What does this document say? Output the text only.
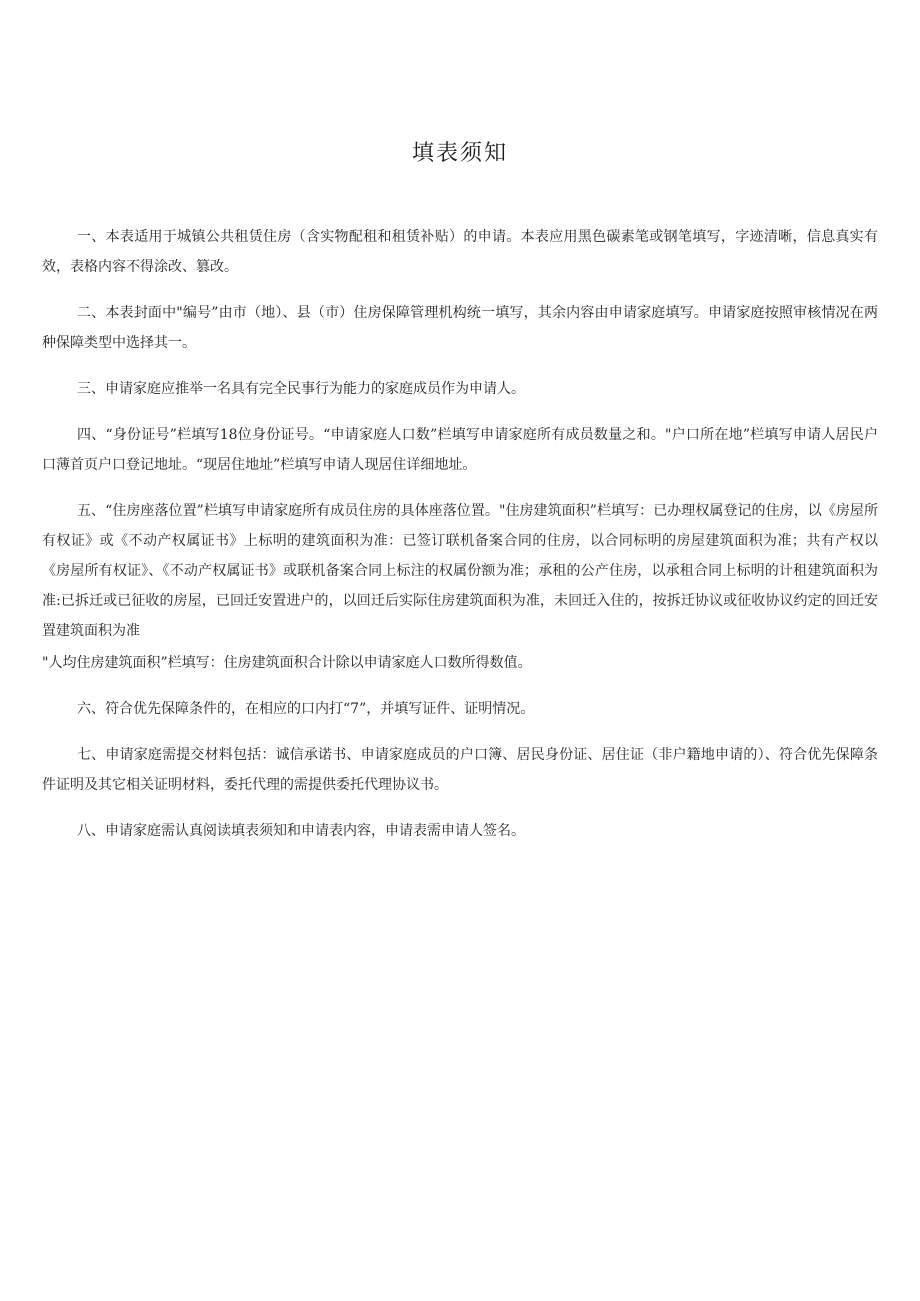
填表须知

一、本表适用于城镇公共租赁住房（含实物配租和租赁补贴）的申请。本表应用黑色碳素笔或钢笔填写，字迹清晰，信息真实有效，表格内容不得涂改、篡改。

二、本表封面中"编号”由市（地）、县（市）住房保障管理机构统一填写，其余内容由申请家庭填写。申请家庭按照审核情况在两种保障类型中选择其一。

三、申请家庭应推举一名具有完全民事行为能力的家庭成员作为申请人。

四、“身份证号”栏填写18位身份证号。“申请家庭人口数”栏填写申请家庭所有成员数量之和。"户口所在地”栏填写申请人居民户口薄首页户口登记地址。“现居住地址”栏填写申请人现居住详细地址。

五、“住房座落位置”栏填写申请家庭所有成员住房的具体座落位置。"住房建筑面积”栏填写：已办理权属登记的住房，以《房屋所有权证》或《不动产权属证书》上标明的建筑面积为准：已签订联机备案合同的住房，以合同标明的房屋建筑面积为准；共有产权以《房屋所有权证》、《不动产权属证书》或联机备案合同上标注的权属份额为准；承租的公产住房，以承租合同上标明的计租建筑面积为准:已拆迁或已征收的房屋，已回迁安置进户的，以回迁后实际住房建筑面积为准，未回迁入住的，按拆迁协议或征收协议约定的回迁安置建筑面积为准

"人均住房建筑面积”栏填写：住房建筑面积合计除以申请家庭人口数所得数值。

六、符合优先保障条件的，在相应的口内打“7”，并填写证件、证明情况。

七、申请家庭需提交材料包括：诚信承诺书、申请家庭成员的户口簿、居民身份证、居住证（非户籍地申请的）、符合优先保障条件证明及其它相关证明材料，委托代理的需提供委托代理协议书。

八、申请家庭需认真阅读填表须知和申请表内容，申请表需申请人签名。
